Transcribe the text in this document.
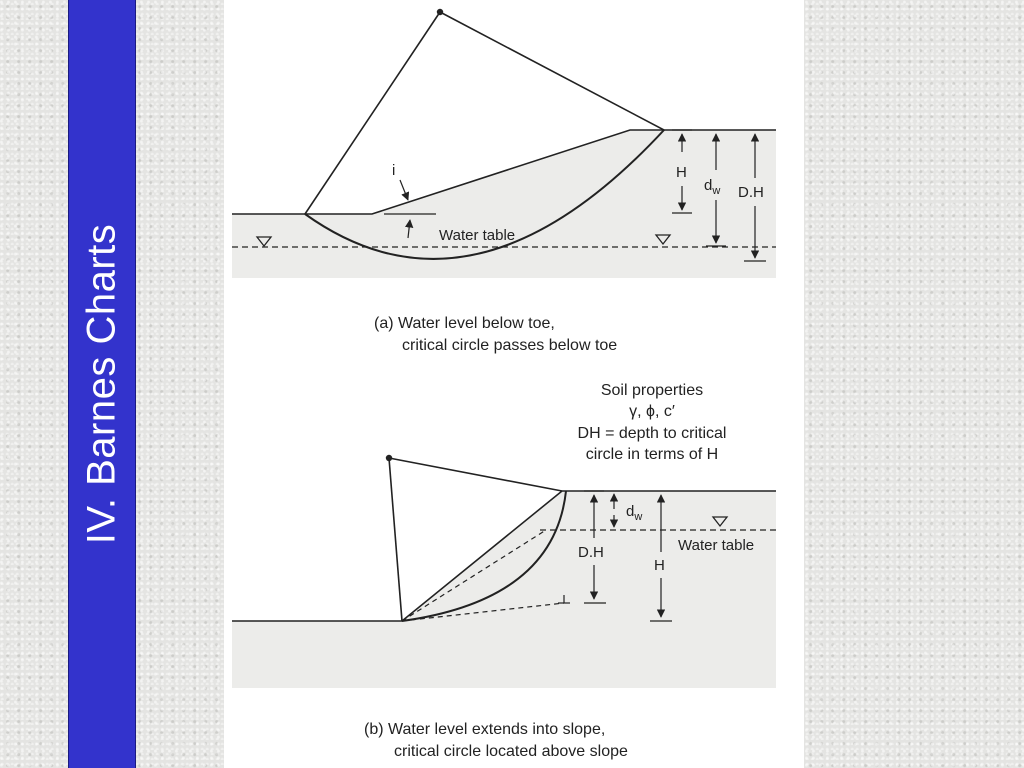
IV. Barnes Charts
i	H
$d_w$ D.H
Water table
(a) Water level below toe,
critical circle passes below toe
Soil properties
γ, ϕ, c′
DH = depth to critical
circle in terms of H
Water table
$d_w$
D.H
H
(b) Water level extends into slope,
critical circle located above slope
